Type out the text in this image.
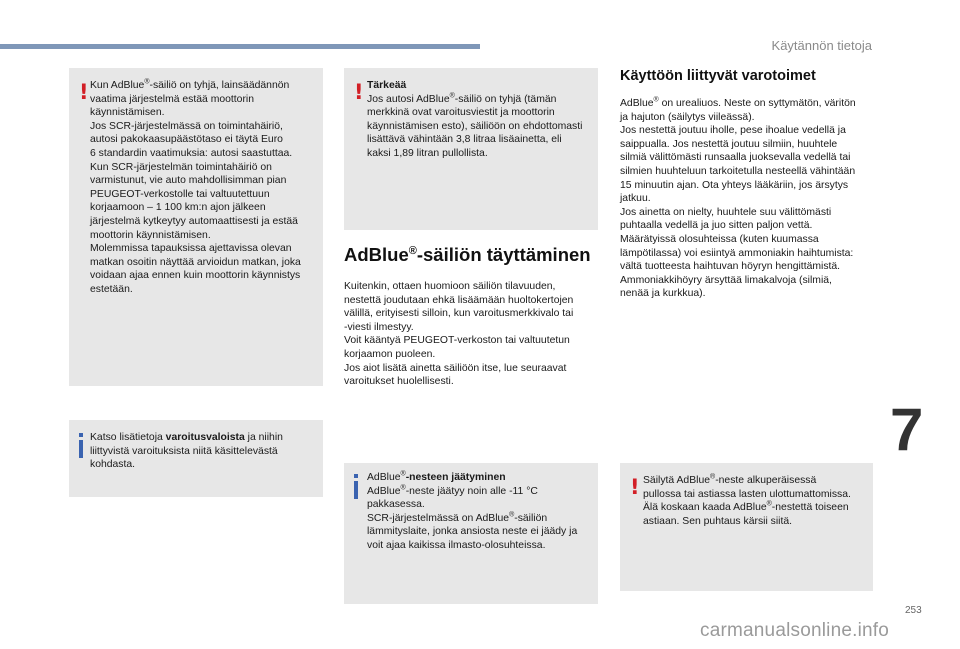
Käytännön tietoja
! Kun AdBlue®-säiliö on tyhjä, lainsäädännön

vaatima järjestelmä estää moottorin

käynnistämisen.

Jos SCR-järjestelmässä on toimintahäiriö,

autosi pakokaasupäästötaso ei täytä Euro

6 standardin vaatimuksia: autosi saastuttaa.

Kun SCR-järjestelmän toimintahäiriö on

varmistunut, vie auto mahdollisimman pian

PEUGEOT-verkostolle tai valtuutettuun

korjaamoon – 1 100 km:n ajon jälkeen

järjestelmä kytkeytyy automaattisesti ja estää

moottorin käynnistämisen.

Molemmissa tapauksissa ajettavissa olevan

matkan osoitin näyttää arvioidun matkan, joka

voidaan ajaa ennen kuin moottorin käynnistys

estetään.

Katso lisätietoja varoitusvaloista ja niihin

liittyvistä varoituksista niitä käsittelevästä

kohdasta.

! Tärkeää

Jos autosi AdBlue®-säiliö on tyhjä (tämän

merkkinä ovat varoitusviestit ja moottorin

käynnistämisen esto), säiliöön on ehdottomasti

lisättävä vähintään 3,8 litraa lisäainetta, eli

kaksi 1,89 litran pullollista.

AdBlue®-säiliön täyttäminen

Kuitenkin, ottaen huomioon säiliön tilavuuden,

nestettä joudutaan ehkä lisäämään huoltokertojen

välillä, erityisesti silloin, kun varoitusmerkkivalo tai

-viesti ilmestyy.

Voit kääntyä PEUGEOT-verkoston tai valtuutetun

korjaamon puoleen.

Jos aiot lisätä ainetta säiliöön itse, lue seuraavat

varoitukset huolellisesti.

AdBlue®-nesteen jäätyminen

AdBlue®-neste jäätyy noin alle -11 °C

pakkasessa.

SCR-järjestelmässä on AdBlue®-säiliön

lämmityslaite, jonka ansiosta neste ei jäädy ja

voit ajaa kaikissa ilmasto-olosuhteissa.

Käyttöön liittyvät varotoimet

AdBlue® on urealiuos. Neste on syttymätön, väritön

ja hajuton (säilytys viileässä).

Jos nestettä joutuu iholle, pese ihoalue vedellä ja

saippualla. Jos nestettä joutuu silmiin, huuhtele

silmiä välittömästi runsaalla juoksevalla vedellä tai

silmien huuhteluun tarkoitetulla nesteellä vähintään

15 minuutin ajan. Ota yhteys lääkäriin, jos ärsytys

jatkuu.

Jos ainetta on nielty, huuhtele suu välittömästi

puhtaalla vedellä ja juo sitten paljon vettä.

Määrätyissä olosuhteissa (kuten kuumassa

lämpötilassa) voi esiintyä ammoniakin haihtumista:

vältä tuotteesta haihtuvan höyryn hengittämistä.

Ammoniakkihöyry ärsyttää limakalvoja (silmiä,

nenää ja kurkkua).

! Säilytä AdBlue®-neste alkuperäisessä

pullossa tai astiassa lasten ulottumattomissa.

Älä koskaan kaada AdBlue®-nestettä toiseen

astiaan. Sen puhtaus kärsii siitä.

7
253
carmanualsonline.info
